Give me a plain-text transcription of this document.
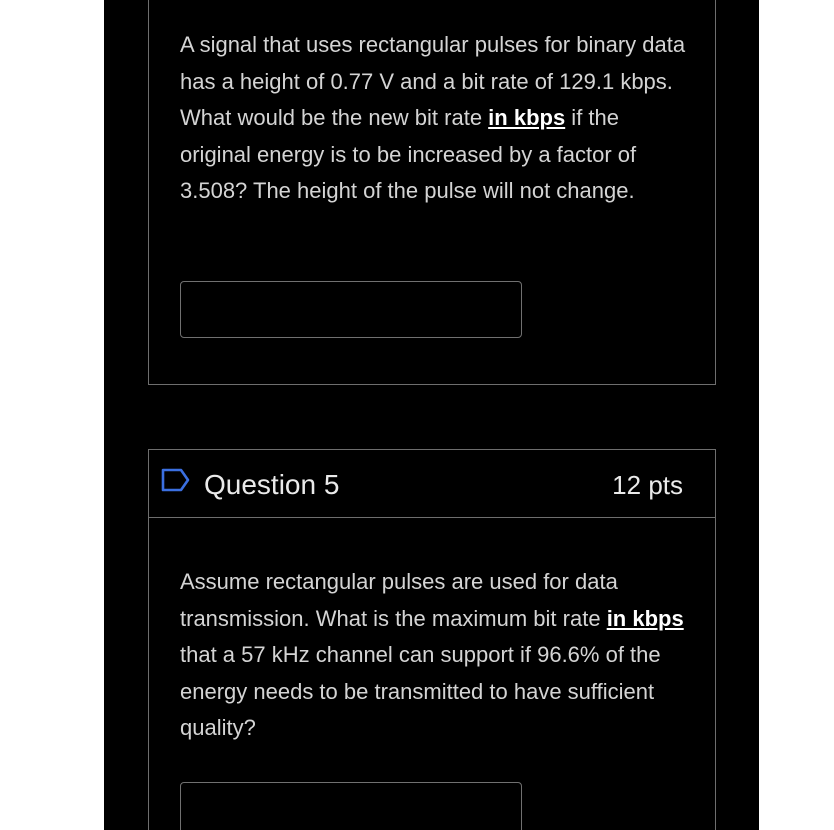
A signal that uses rectangular pulses for binary data has a height of 0.77 V and a bit rate of 129.1 kbps. What would be the new bit rate in kbps if the original energy is to be increased by a factor of 3.508? The height of the pulse will not change.
Question 5	12 pts
Assume rectangular pulses are used for data transmission. What is the maximum bit rate in kbps that a 57 kHz channel can support if 96.6% of the energy needs to be transmitted to have sufficient quality?
